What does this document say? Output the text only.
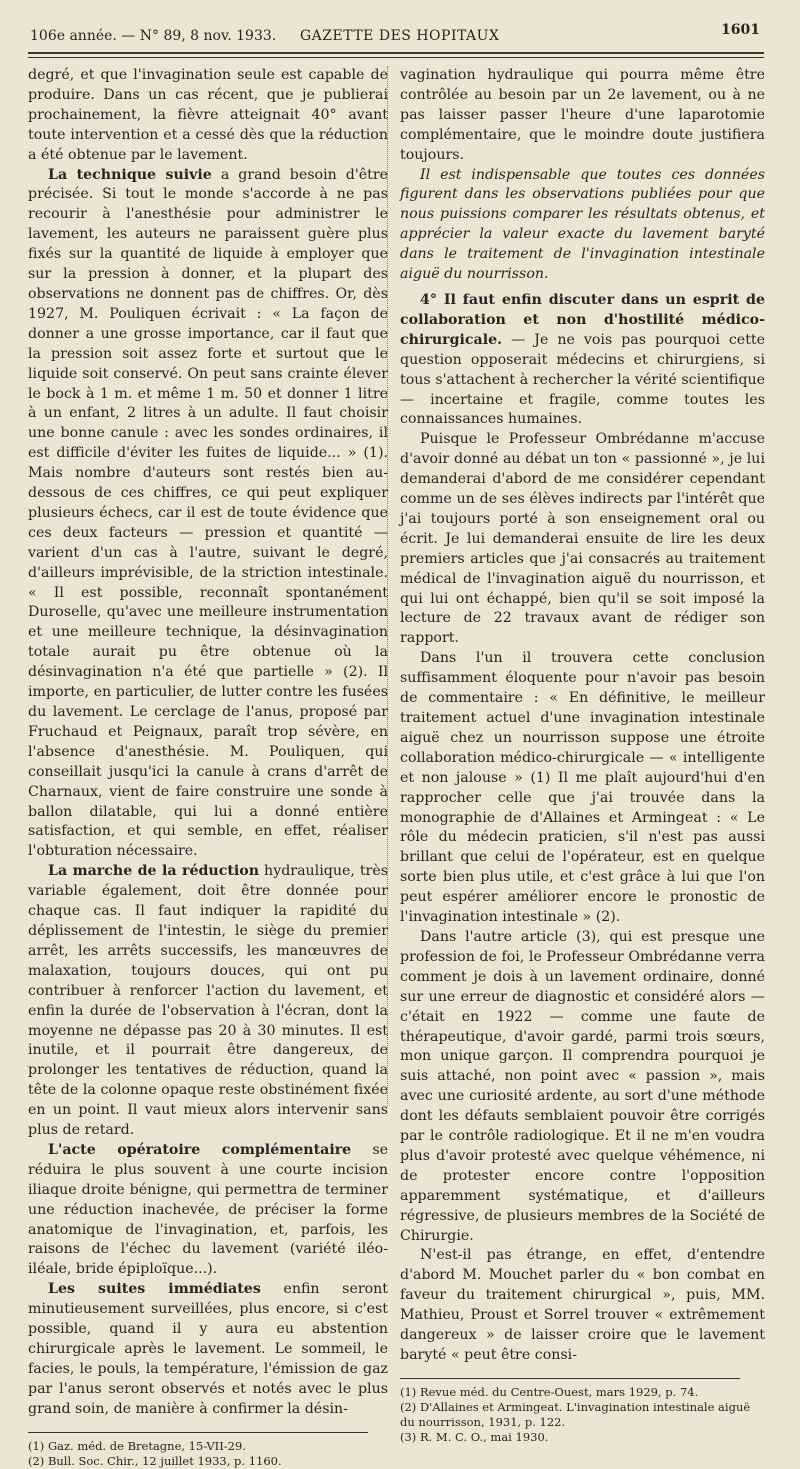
106e année. — N° 89, 8 nov. 1933. GAZETTE DES HOPITAUX	1601

degré, et que l'invagination seule est capable de produire. Dans un cas récent, que je publierai prochainement, la fièvre atteignait 40° avant toute intervention et a cessé dès que la réduction a été obtenue par le lavement.

La technique suivie a grand besoin d'être précisée. Si tout le monde s'accorde à ne pas recourir à l'anesthésie pour administrer le lavement, les auteurs ne paraissent guère plus fixés sur la quantité de liquide à employer que sur la pression à donner, et la plupart des observations ne donnent pas de chiffres. Or, dès 1927, M. Pouliquen écrivait : « La façon de donner a une grosse importance, car il faut que la pression soit assez forte et surtout que le liquide soit conservé. On peut sans crainte élever le bock à 1 m. et même 1 m. 50 et donner 1 litre à un enfant, 2 litres à un adulte. Il faut choisir une bonne canule : avec les sondes ordinaires, il est difficile d'éviter les fuites de liquide... » (1). Mais nombre d'auteurs sont restés bien au-dessous de ces chiffres, ce qui peut expliquer plusieurs échecs, car il est de toute évidence que ces deux facteurs — pression et quantité — varient d'un cas à l'autre, suivant le degré, d'ailleurs imprévisible, de la striction intestinale. « Il est possible, reconnaît spontanément Duroselle, qu'avec une meilleure instrumentation et une meilleure technique, la désinvagination totale aurait pu être obtenue où la désinvagination n'a été que partielle » (2). Il importe, en particulier, de lutter contre les fusées du lavement. Le cerclage de l'anus, proposé par Fruchaud et Peignaux, paraît trop sévère, en l'absence d'anesthésie. M. Pouliquen, qui conseillait jusqu'ici la canule à crans d'arrêt de Charnaux, vient de faire construire une sonde à ballon dilatable, qui lui a donné entière satisfaction, et qui semble, en effet, réaliser l'obturation nécessaire.

La marche de la réduction hydraulique, très variable également, doit être donnée pour chaque cas. Il faut indiquer la rapidité du déplissement de l'intestin, le siège du premier arrêt, les arrêts successifs, les manœuvres de malaxation, toujours douces, qui ont pu contribuer à renforcer l'action du lavement, et enfin la durée de l'observation à l'écran, dont la moyenne ne dépasse pas 20 à 30 minutes. Il est inutile, et il pourrait être dangereux, de prolonger les tentatives de réduction, quand la tête de la colonne opaque reste obstinément fixée en un point. Il vaut mieux alors intervenir sans plus de retard.

L'acte opératoire complémentaire se réduira le plus souvent à une courte incision iliaque droite bénigne, qui permettra de terminer une réduction inachevée, de préciser la forme anatomique de l'invagination, et, parfois, les raisons de l'échec du lavement (variété iléo-iléale, bride épiploïque...).

Les suites immédiates enfin seront minutieusement surveillées, plus encore, si c'est possible, quand il y aura eu abstention chirurgicale après le lavement. Le sommeil, le facies, le pouls, la température, l'émission de gaz par l'anus seront observés et notés avec le plus grand soin, de manière à confirmer la désin-

(1) Gaz. méd. de Bretagne, 15-VII-29.

(2) Bull. Soc. Chir., 12 juillet 1933, p. 1160.

vagination hydraulique qui pourra même être contrôlée au besoin par un 2e lavement, ou à ne pas laisser passer l'heure d'une laparotomie complémentaire, que le moindre doute justifiera toujours.

Il est indispensable que toutes ces données figurent dans les observations publiées pour que nous puissions comparer les résultats obtenus, et apprécier la valeur exacte du lavement baryté dans le traitement de l'invagination intestinale aiguë du nourrisson.

4° Il faut enfin discuter dans un esprit de collaboration et non d'hostilité médico-chirurgicale. — Je ne vois pas pourquoi cette question opposerait médecins et chirurgiens, si tous s'attachent à rechercher la vérité scientifique — incertaine et fragile, comme toutes les connaissances humaines.

Puisque le Professeur Ombrédanne m'accuse d'avoir donné au débat un ton « passionné », je lui demanderai d'abord de me considérer cependant comme un de ses élèves indirects par l'intérêt que j'ai toujours porté à son enseignement oral ou écrit. Je lui demanderai ensuite de lire les deux premiers articles que j'ai consacrés au traitement médical de l'invagination aiguë du nourrisson, et qui lui ont échappé, bien qu'il se soit imposé la lecture de 22 travaux avant de rédiger son rapport.

Dans l'un il trouvera cette conclusion suffisamment éloquente pour n'avoir pas besoin de commentaire : « En définitive, le meilleur traitement actuel d'une invagination intestinale aiguë chez un nourrisson suppose une étroite collaboration médico-chirurgicale — « intelligente et non jalouse » (1) Il me plaît aujourd'hui d'en rapprocher celle que j'ai trouvée dans la monographie de d'Allaines et Armingeat : « Le rôle du médecin praticien, s'il n'est pas aussi brillant que celui de l'opérateur, est en quelque sorte bien plus utile, et c'est grâce à lui que l'on peut espérer améliorer encore le pronostic de l'invagination intestinale » (2).

Dans l'autre article (3), qui est presque une profession de foi, le Professeur Ombrédanne verra comment je dois à un lavement ordinaire, donné sur une erreur de diagnostic et considéré alors — c'était en 1922 — comme une faute de thérapeutique, d'avoir gardé, parmi trois sœurs, mon unique garçon. Il comprendra pourquoi je suis attaché, non point avec « passion », mais avec une curiosité ardente, au sort d'une méthode dont les défauts semblaient pouvoir être corrigés par le contrôle radiologique. Et il ne m'en voudra plus d'avoir protesté avec quelque véhémence, ni de protester encore contre l'opposition apparemment systématique, et d'ailleurs régressive, de plusieurs membres de la Société de Chirurgie.

N'est-il pas étrange, en effet, d'entendre d'abord M. Mouchet parler du « bon combat en faveur du traitement chirurgical », puis, MM. Mathieu, Proust et Sorrel trouver « extrêmement dangereux » de laisser croire que le lavement baryté « peut être consi-

(1) Revue méd. du Centre-Ouest, mars 1929, p. 74.

(2) D'Allaines et Armingeat. L'invagination intestinale aiguë du nourrisson, 1931, p. 122.

(3) R. M. C. O., mai 1930.
